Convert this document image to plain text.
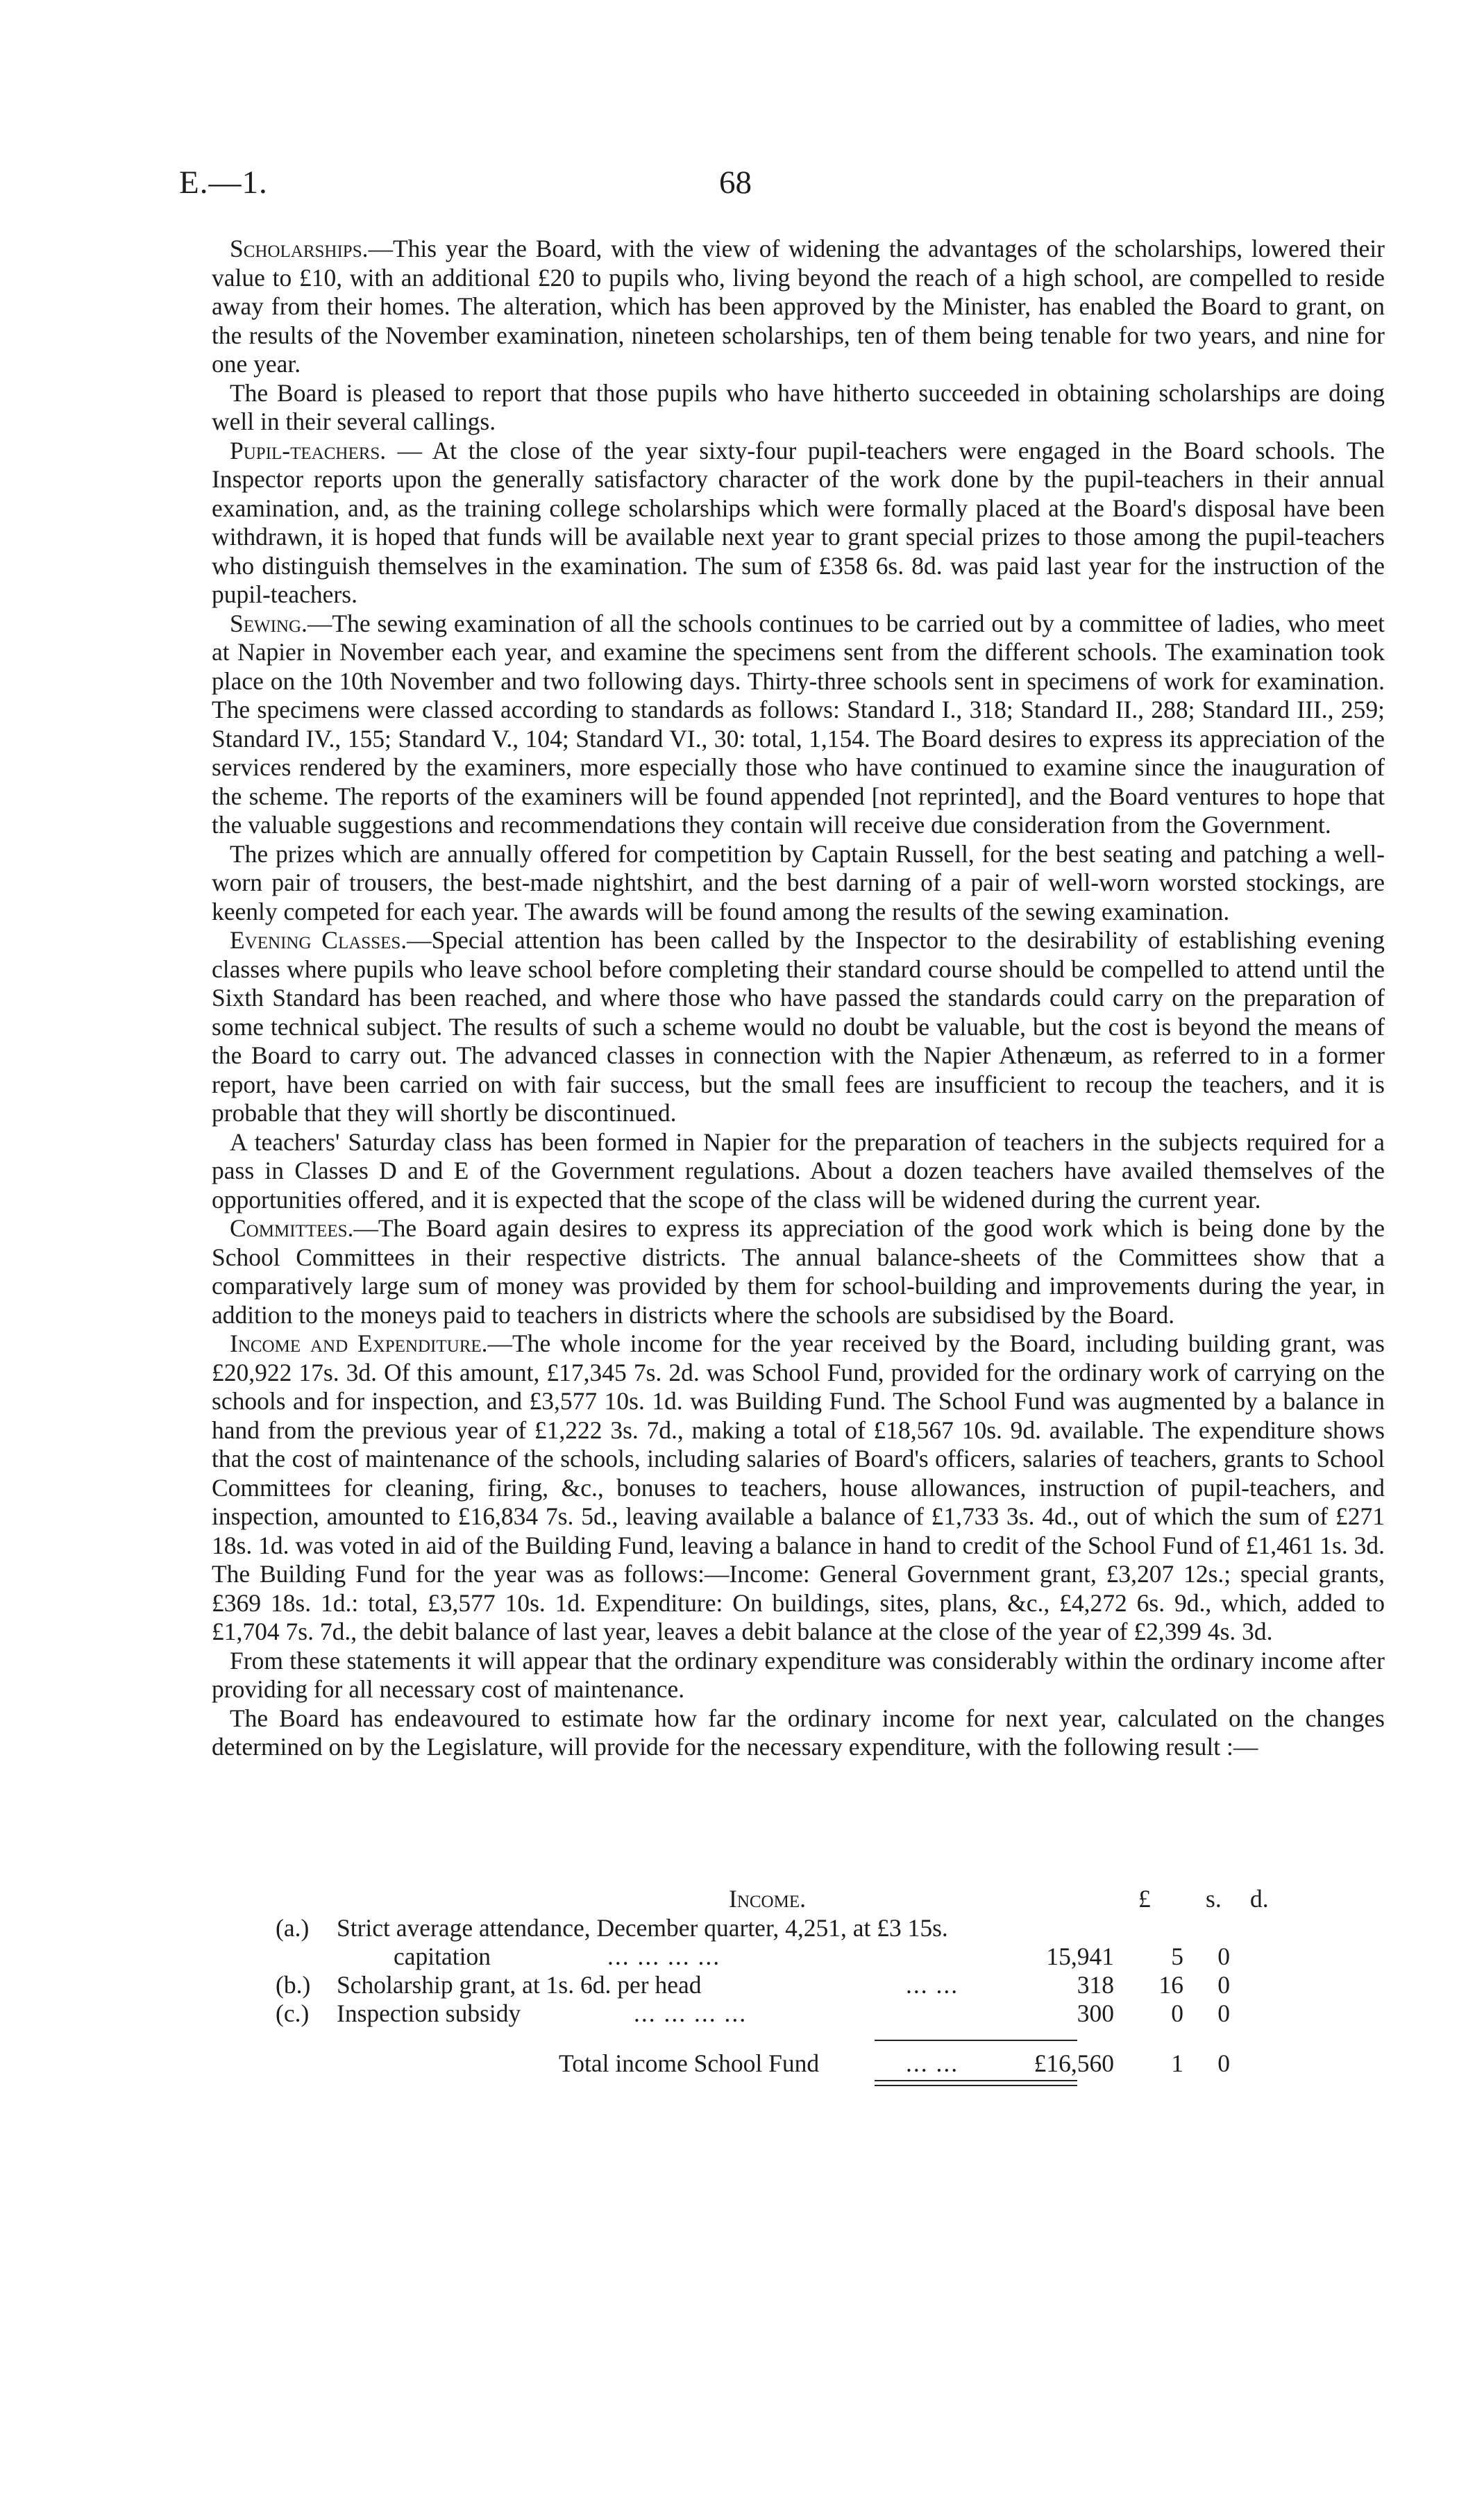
E.—1.	68

Scholarships.—This year the Board, with the view of widening the advantages of the scholarships, lowered their value to £10, with an additional £20 to pupils who, living beyond the reach of a high school, are compelled to reside away from their homes. The alteration, which has been approved by the Minister, has enabled the Board to grant, on the results of the November examination, nineteen scholarships, ten of them being tenable for two years, and nine for one year.

The Board is pleased to report that those pupils who have hitherto succeeded in obtaining scholarships are doing well in their several callings.

Pupil-teachers. — At the close of the year sixty-four pupil-teachers were engaged in the Board schools. The Inspector reports upon the generally satisfactory character of the work done by the pupil-teachers in their annual examination, and, as the training college scholarships which were formally placed at the Board's disposal have been withdrawn, it is hoped that funds will be available next year to grant special prizes to those among the pupil-teachers who distinguish themselves in the examination. The sum of £358 6s. 8d. was paid last year for the instruction of the pupil-teachers.

Sewing.—The sewing examination of all the schools continues to be carried out by a committee of ladies, who meet at Napier in November each year, and examine the specimens sent from the different schools. The examination took place on the 10th November and two following days. Thirty-three schools sent in specimens of work for examination. The specimens were classed according to standards as follows: Standard I., 318; Standard II., 288; Standard III., 259; Standard IV., 155; Standard V., 104; Standard VI., 30: total, 1,154. The Board desires to express its appreciation of the services rendered by the examiners, more especially those who have continued to examine since the inauguration of the scheme. The reports of the examiners will be found appended [not reprinted], and the Board ventures to hope that the valuable suggestions and recommendations they contain will receive due consideration from the Government.

The prizes which are annually offered for competition by Captain Russell, for the best seating and patching a well-worn pair of trousers, the best-made nightshirt, and the best darning of a pair of well-worn worsted stockings, are keenly competed for each year. The awards will be found among the results of the sewing examination.

Evening Classes.—Special attention has been called by the Inspector to the desirability of establishing evening classes where pupils who leave school before completing their standard course should be compelled to attend until the Sixth Standard has been reached, and where those who have passed the standards could carry on the preparation of some technical subject. The results of such a scheme would no doubt be valuable, but the cost is beyond the means of the Board to carry out. The advanced classes in connection with the Napier Athenæum, as referred to in a former report, have been carried on with fair success, but the small fees are insufficient to recoup the teachers, and it is probable that they will shortly be discontinued.

A teachers' Saturday class has been formed in Napier for the preparation of teachers in the subjects required for a pass in Classes D and E of the Government regulations. About a dozen teachers have availed themselves of the opportunities offered, and it is expected that the scope of the class will be widened during the current year.

Committees.—The Board again desires to express its appreciation of the good work which is being done by the School Committees in their respective districts. The annual balance-sheets of the Committees show that a comparatively large sum of money was provided by them for school-building and improvements during the year, in addition to the moneys paid to teachers in districts where the schools are subsidised by the Board.

Income and Expenditure.—The whole income for the year received by the Board, including building grant, was £20,922 17s. 3d. Of this amount, £17,345 7s. 2d. was School Fund, provided for the ordinary work of carrying on the schools and for inspection, and £3,577 10s. 1d. was Building Fund. The School Fund was augmented by a balance in hand from the previous year of £1,222 3s. 7d., making a total of £18,567 10s. 9d. available. The expenditure shows that the cost of maintenance of the schools, including salaries of Board's officers, salaries of teachers, grants to School Committees for cleaning, firing, &c., bonuses to teachers, house allowances, instruction of pupil-teachers, and inspection, amounted to £16,834 7s. 5d., leaving available a balance of £1,733 3s. 4d., out of which the sum of £271 18s. 1d. was voted in aid of the Building Fund, leaving a balance in hand to credit of the School Fund of £1,461 1s. 3d. The Building Fund for the year was as follows:—Income: General Government grant, £3,207 12s.; special grants, £369 18s. 1d.: total, £3,577 10s. 1d. Expenditure: On buildings, sites, plans, &c., £4,272 6s. 9d., which, added to £1,704 7s. 7d., the debit balance of last year, leaves a debit balance at the close of the year of £2,399 4s. 3d.

From these statements it will appear that the ordinary expenditure was considerably within the ordinary income after providing for all necessary cost of maintenance.

The Board has endeavoured to estimate how far the ordinary income for next year, calculated on the changes determined on by the Legislature, will provide for the necessary expenditure, with the following result :—

Income.	£ s. d.
(a.) Strict average attendance, December quarter, 4,251, at £3 15s.
capitation	... ... ... ...	15,941 5 0
(b.) Scholarship grant, at 1s. 6d. per head	... ...	318 16 0
(c.) Inspection subsidy	... ... ... ...	300 0 0
Total income School Fund	... ...	£16,560 1 0
